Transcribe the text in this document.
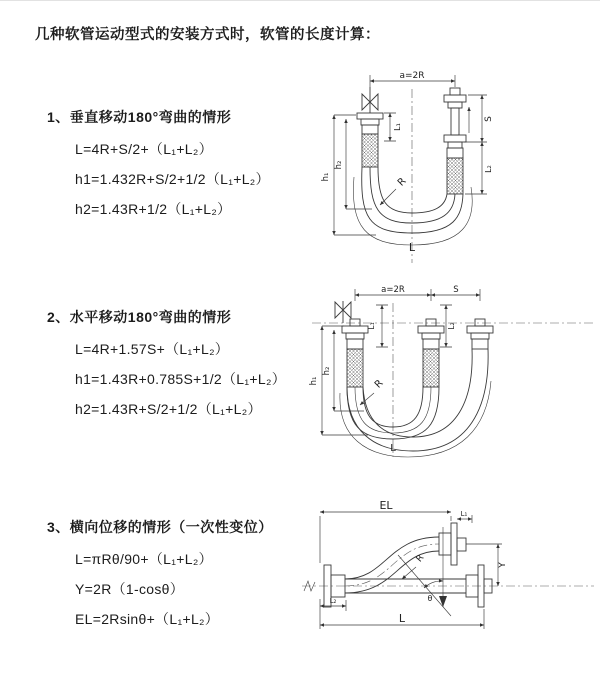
几种软管运动型式的安装方式时，软管的长度计算：
1、垂直移动180°弯曲的情形
L=4R+S/2+（L₁+L₂）
h1=1.432R+S/2+1/2（L₁+L₂）
h2=1.43R+1/2（L₁+L₂）
2、水平移动180°弯曲的情形
L=4R+1.57S+（L₁+L₂）
h1=1.43R+0.785S+1/2（L₁+L₂）
h2=1.43R+S/2+1/2（L₁+L₂）
3、横向位移的情形（一次性变位）
L=πRθ/90+（L₁+L₂）
Y=2R（1-cosθ）
EL=2Rsinθ+（L₁+L₂）
a=2R
L₁
h₁
h₂
S
L₂
R
L
a=2R	S
h₁
h₂
L₁	L₂
R
L
EL
L₁
Y
R
θ
L₂
L
